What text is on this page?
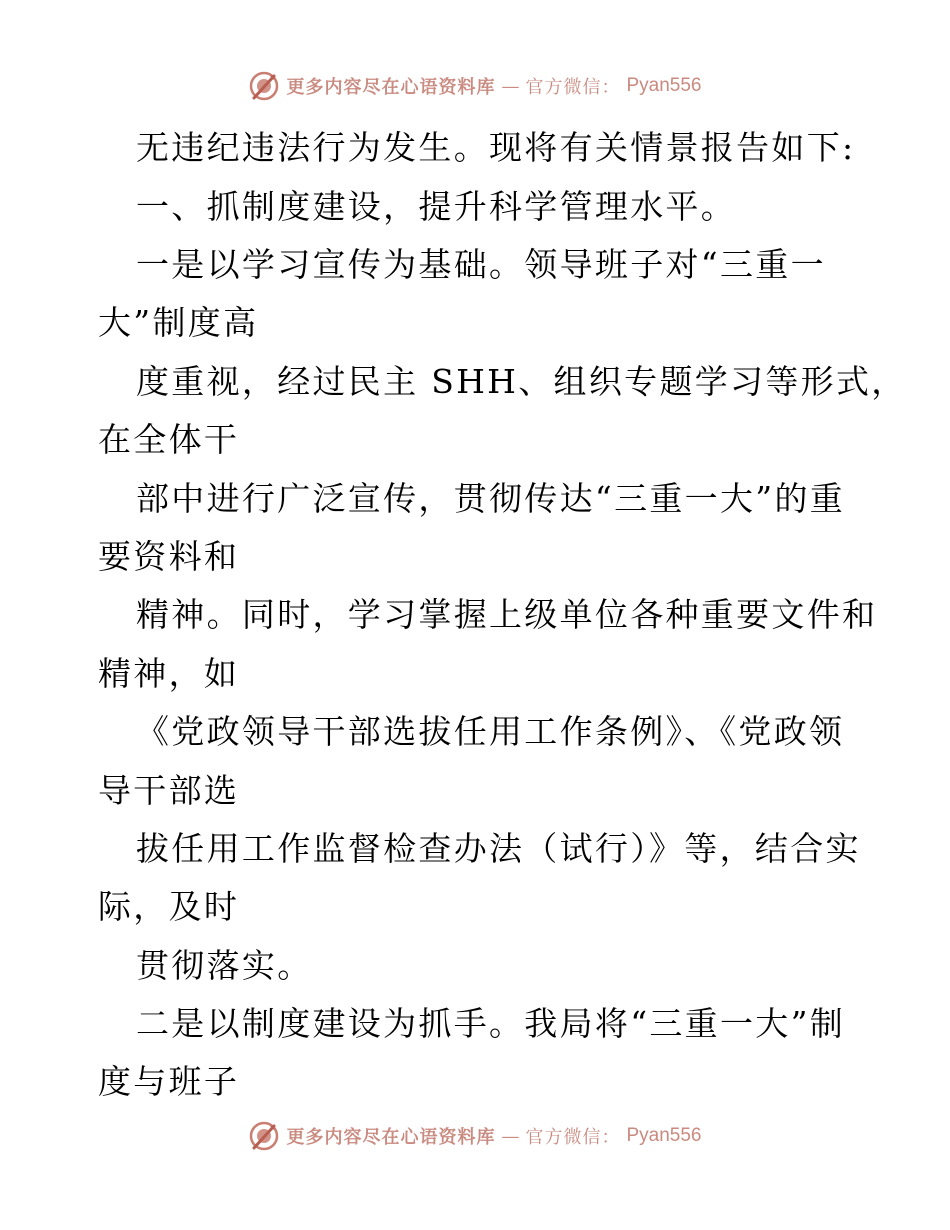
更多内容尽在心语资料库 — 官方微信： Pyan556
无违纪违法行为发生。现将有关情景报告如下:
一、抓制度建设，提升科学管理水平。
一是以学习宣传为基础。领导班子对“三重一
大”制度高
度重视，经过民主 SHH、组织专题学习等形式，
在全体干
部中进行广泛宣传，贯彻传达“三重一大”的重
要资料和
精神。同时，学习掌握上级单位各种重要文件和
精神，如
《党政领导干部选拔任用工作条例》、《党政领
导干部选
拔任用工作监督检查办法（试行）》等，结合实
际，及时
贯彻落实。
二是以制度建设为抓手。我局将“三重一大”制
度与班子
更多内容尽在心语资料库 — 官方微信： Pyan556
